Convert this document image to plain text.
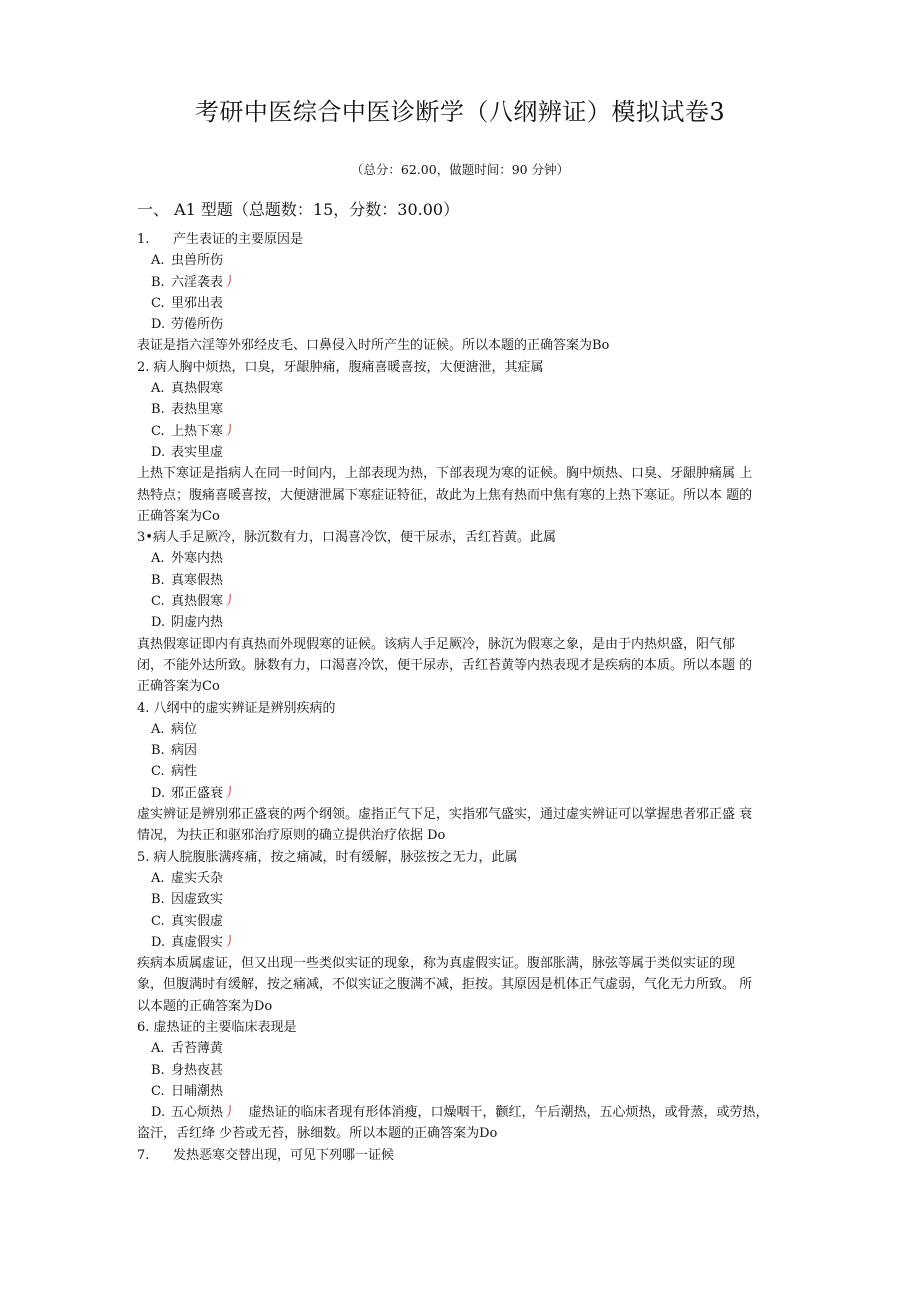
考研中医综合中医诊断学（八纲辨证）模拟试卷3
（总分：62.00，做题时间：90 分钟）
一、 A1 型题（总题数：15，分数：30.00）
1. 产生表证的主要原因是
A. 虫兽所伤
B. 六淫袭表丿
C. 里邪出表
D. 劳倦所伤
表证是指六淫等外邪经皮毛、口鼻侵入时所产生的证候。所以本题的正确答案为Bo
2. 病人胸中烦热，口臭，牙龈肿痛，腹痛喜暖喜按，大便溏泄，其症属
A. 真热假寒
B. 表热里寒
C. 上热下寒丿
D. 表实里虚
上热下寒证是指病人在同一时间内，上部表现为热，下部表现为寒的证候。胸中烦热、口臭、牙龈肿痛属 上
热特点；腹痛喜暖喜按，大便溏泄属下寒症证特征，故此为上焦有热而中焦有寒的上热下寒证。所以本 题的
正确答案为Co
3•病人手足厥冷，脉沉数有力，口渴喜冷饮，便干尿赤，舌红苔黄。此属
A. 外寒内热
B. 真寒假热
C. 真热假寒丿
D. 阴虚内热
真热假寒证即内有真热而外现假寒的证候。该病人手足厥冷，脉沉为假寒之象，是由于内热炽盛，阳气郁
闭，不能外达所致。脉数有力，口渴喜冷饮，便干尿赤，舌红苔黄等内热表现才是疾病的本质。所以本题 的
正确答案为Co
4. 八纲中的虚实辨证是辨别疾病的
A. 病位
B. 病因
C. 病性
D. 邪正盛衰丿
虚实辨证是辨别邪正盛衰的两个纲领。虚指正气下足，实指邪气盛实，通过虚实辨证可以掌握患者邪正盛 衰
情况，为扶正和驱邪治疗原则的确立提供治疗依据 Do
5. 病人脘腹胀满疼痛，按之痛减，时有缓解，脉弦按之无力，此属
A. 虚实夭杂
B. 因虚致实
C. 真实假虚
D. 真虚假实丿
疾病本质属虚证，但又出现一些类似实证的现象，称为真虚假实证。腹部胀满，脉弦等属于类似实证的现
象，但腹满时有缓解，按之痛减，不似实证之腹满不减，拒按。其原因是机体正气虚弱，气化无力所致。 所
以本题的正确答案为Do
6. 虚热证的主要临床表现是
A. 舌苔薄黄
B. 身热夜甚
C. 日晡潮热
D. 五心烦热丿 虚热证的临床者现有形体消瘦，口燥咽干，颧红，午后潮热，五心烦热，或骨蒸，或劳热，
盗汗，舌红绛 少苔或无苔，脉细数。所以本题的正确答案为Do
7. 发热恶寒交替出现，可见下列哪一证候
